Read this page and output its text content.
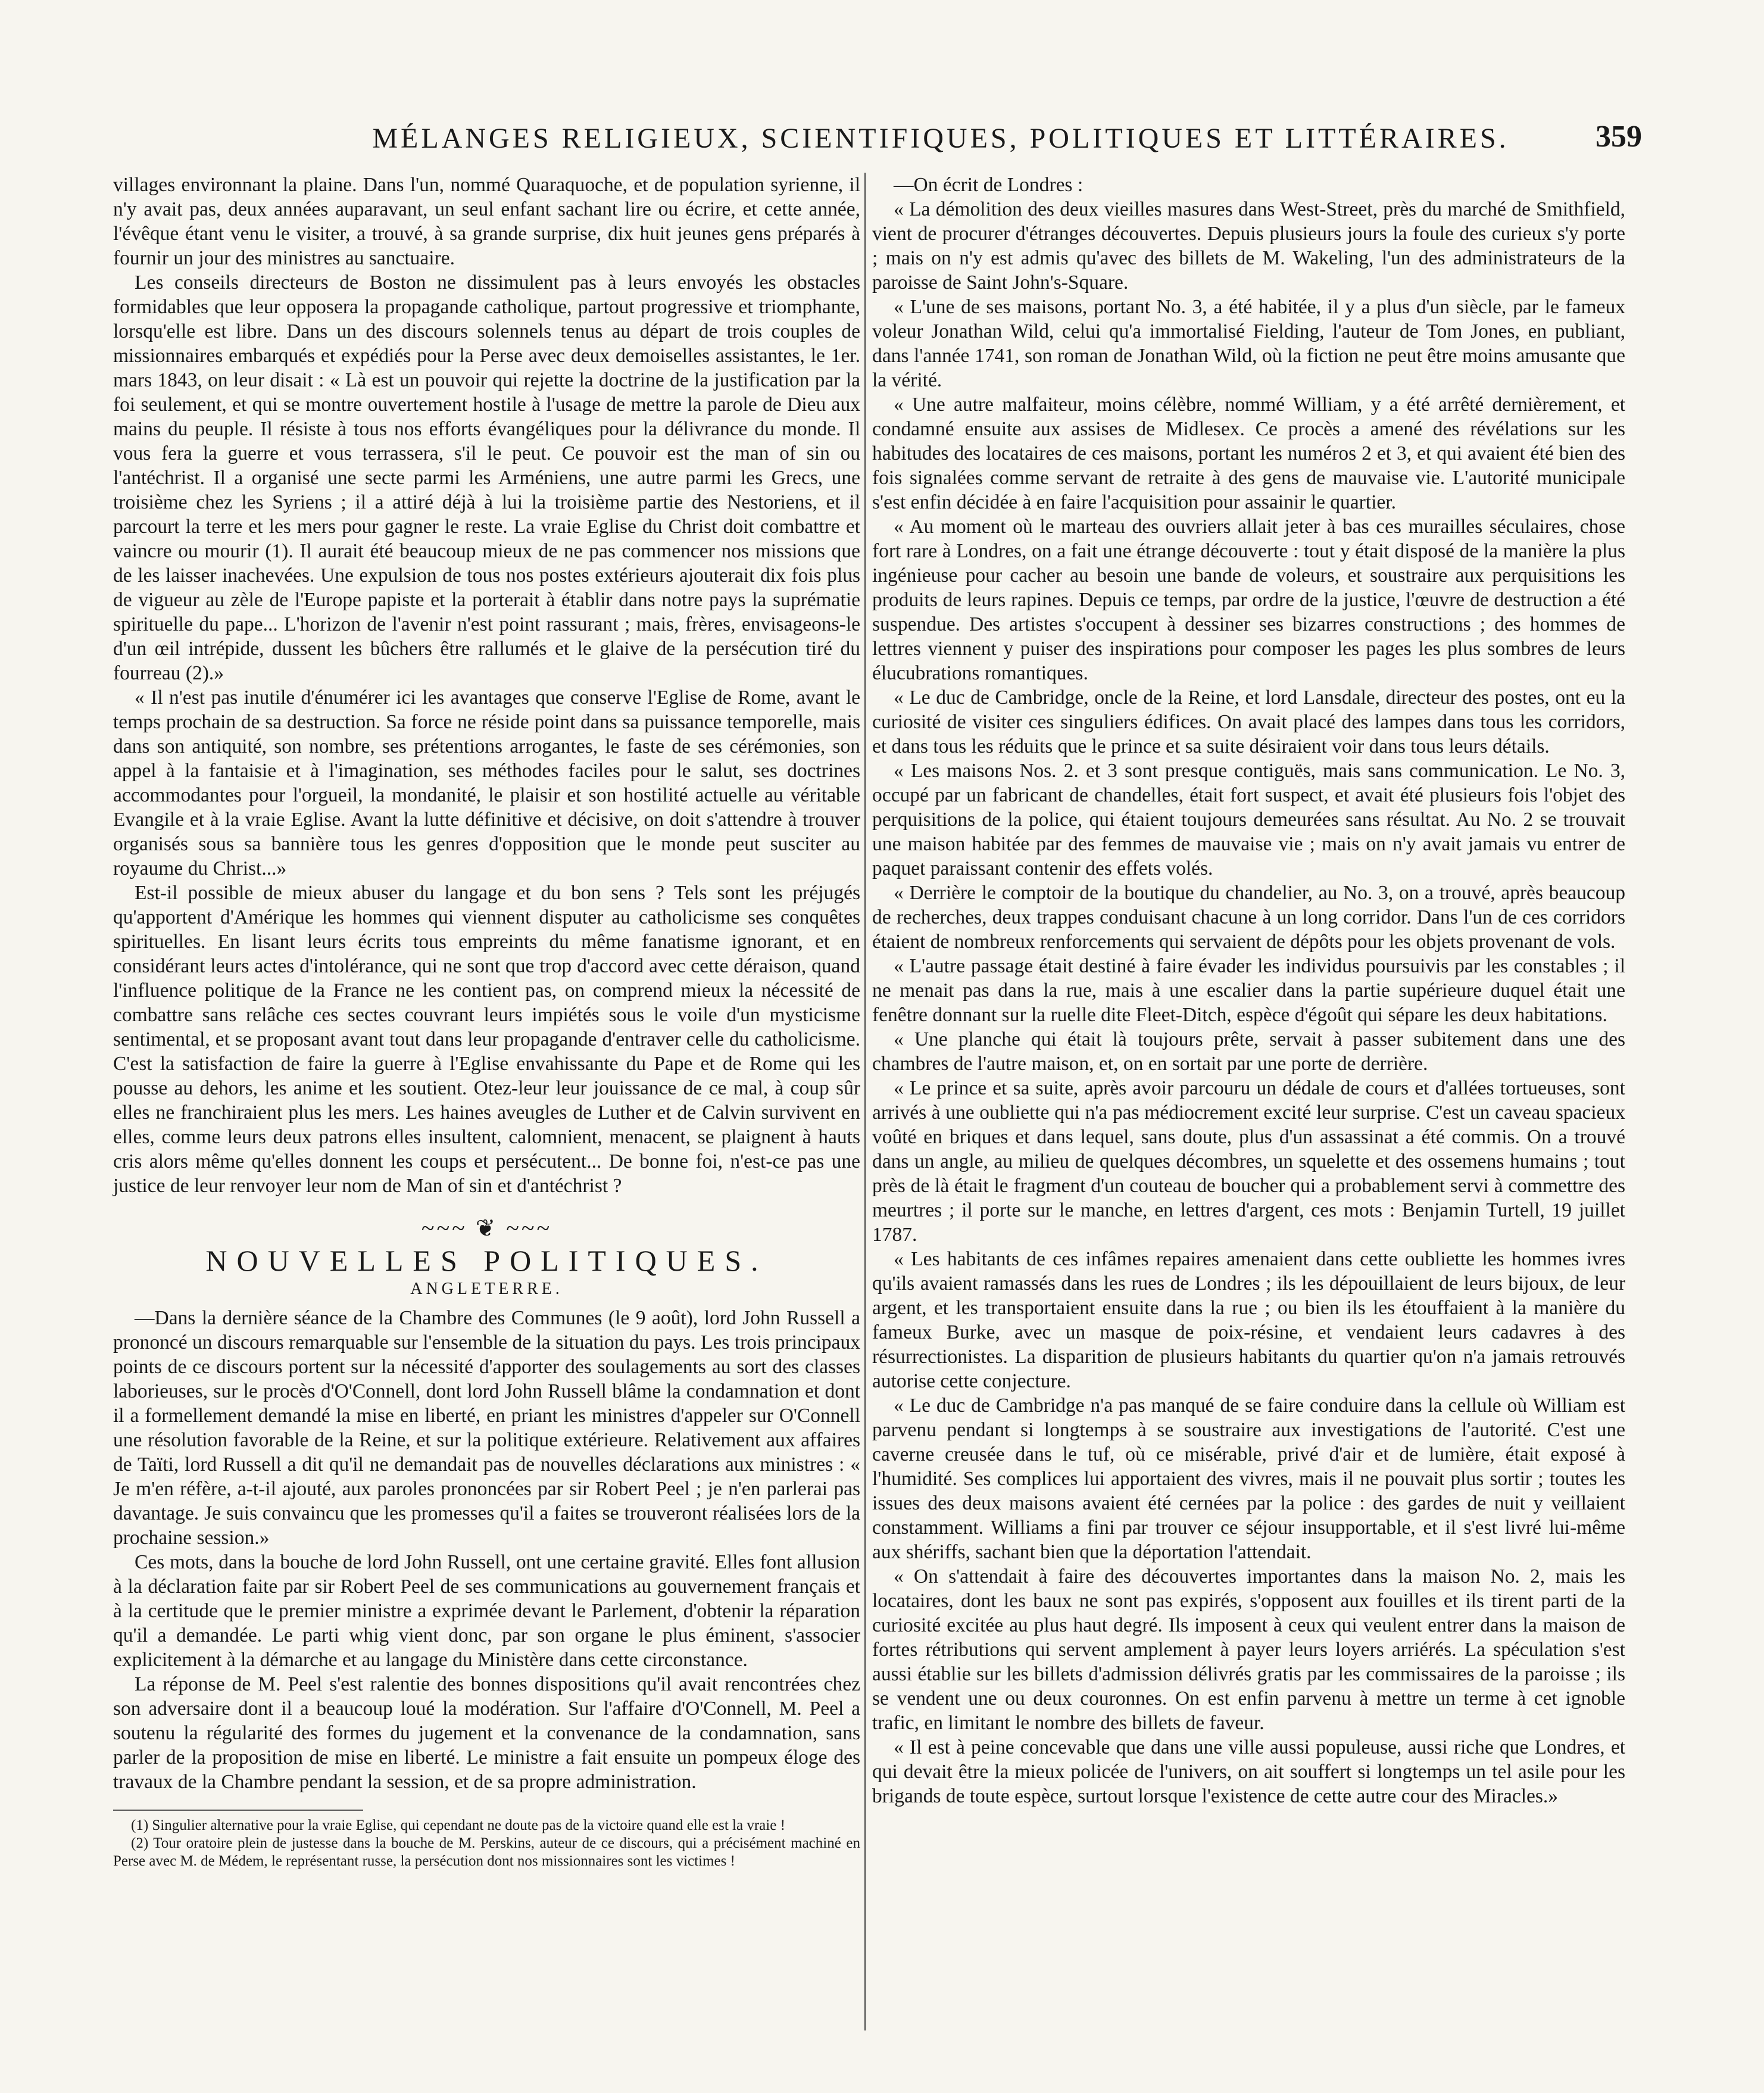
MÉLANGES RELIGIEUX, SCIENTIFIQUES, POLITIQUES ET LITTÉRAIRES.	359

villages environnant la plaine. Dans l'un, nommé Quaraquoche, et de population syrienne, il n'y avait pas, deux années auparavant, un seul enfant sachant lire ou écrire, et cette année, l'évêque étant venu le visiter, a trouvé, à sa grande surprise, dix huit jeunes gens préparés à fournir un jour des ministres au sanctuaire.

Les conseils directeurs de Boston ne dissimulent pas à leurs envoyés les obstacles formidables que leur opposera la propagande catholique, partout progressive et triomphante, lorsqu'elle est libre. Dans un des discours solennels tenus au départ de trois couples de missionnaires embarqués et expédiés pour la Perse avec deux demoiselles assistantes, le 1er. mars 1843, on leur disait : « Là est un pouvoir qui rejette la doctrine de la justification par la foi seulement, et qui se montre ouvertement hostile à l'usage de mettre la parole de Dieu aux mains du peuple. Il résiste à tous nos efforts évangéliques pour la délivrance du monde. Il vous fera la guerre et vous terrassera, s'il le peut. Ce pouvoir est the man of sin ou l'antéchrist. Il a organisé une secte parmi les Arméniens, une autre parmi les Grecs, une troisième chez les Syriens ; il a attiré déjà à lui la troisième partie des Nestoriens, et il parcourt la terre et les mers pour gagner le reste. La vraie Eglise du Christ doit combattre et vaincre ou mourir (1). Il aurait été beaucoup mieux de ne pas commencer nos missions que de les laisser inachevées. Une expulsion de tous nos postes extérieurs ajouterait dix fois plus de vigueur au zèle de l'Europe papiste et la porterait à établir dans notre pays la suprématie spirituelle du pape... L'horizon de l'avenir n'est point rassurant ; mais, frères, envisageons-le d'un œil intrépide, dussent les bûchers être rallumés et le glaive de la persécution tiré du fourreau (2).»

« Il n'est pas inutile d'énumérer ici les avantages que conserve l'Eglise de Rome, avant le temps prochain de sa destruction. Sa force ne réside point dans sa puissance temporelle, mais dans son antiquité, son nombre, ses prétentions arrogantes, le faste de ses cérémonies, son appel à la fantaisie et à l'imagination, ses méthodes faciles pour le salut, ses doctrines accommodantes pour l'orgueil, la mondanité, le plaisir et son hostilité actuelle au véritable Evangile et à la vraie Eglise. Avant la lutte définitive et décisive, on doit s'attendre à trouver organisés sous sa bannière tous les genres d'opposition que le monde peut susciter au royaume du Christ...»

Est-il possible de mieux abuser du langage et du bon sens ? Tels sont les préjugés qu'apportent d'Amérique les hommes qui viennent disputer au catholicisme ses conquêtes spirituelles. En lisant leurs écrits tous empreints du même fanatisme ignorant, et en considérant leurs actes d'intolérance, qui ne sont que trop d'accord avec cette déraison, quand l'influence politique de la France ne les contient pas, on comprend mieux la nécessité de combattre sans relâche ces sectes couvrant leurs impiétés sous le voile d'un mysticisme sentimental, et se proposant avant tout dans leur propagande d'entraver celle du catholicisme. C'est la satisfaction de faire la guerre à l'Eglise envahissante du Pape et de Rome qui les pousse au dehors, les anime et les soutient. Otez-leur leur jouissance de ce mal, à coup sûr elles ne franchiraient plus les mers. Les haines aveugles de Luther et de Calvin survivent en elles, comme leurs deux patrons elles insultent, calomnient, menacent, se plaignent à hauts cris alors même qu'elles donnent les coups et persécutent... De bonne foi, n'est-ce pas une justice de leur renvoyer leur nom de Man of sin et d'antéchrist ?

~~~ ❦ ~~~
NOUVELLES POLITIQUES.
ANGLETERRE.

—Dans la dernière séance de la Chambre des Communes (le 9 août), lord John Russell a prononcé un discours remarquable sur l'ensemble de la situation du pays. Les trois principaux points de ce discours portent sur la nécessité d'apporter des soulagements au sort des classes laborieuses, sur le procès d'O'Connell, dont lord John Russell blâme la condamnation et dont il a formellement demandé la mise en liberté, en priant les ministres d'appeler sur O'Connell une résolution favorable de la Reine, et sur la politique extérieure. Relativement aux affaires de Taïti, lord Russell a dit qu'il ne demandait pas de nouvelles déclarations aux ministres : « Je m'en réfère, a-t-il ajouté, aux paroles prononcées par sir Robert Peel ; je n'en parlerai pas davantage. Je suis convaincu que les promesses qu'il a faites se trouveront réalisées lors de la prochaine session.»

Ces mots, dans la bouche de lord John Russell, ont une certaine gravité. Elles font allusion à la déclaration faite par sir Robert Peel de ses communications au gouvernement français et à la certitude que le premier ministre a exprimée devant le Parlement, d'obtenir la réparation qu'il a demandée. Le parti whig vient donc, par son organe le plus éminent, s'associer explicitement à la démarche et au langage du Ministère dans cette circonstance.

La réponse de M. Peel s'est ralentie des bonnes dispositions qu'il avait rencontrées chez son adversaire dont il a beaucoup loué la modération. Sur l'affaire d'O'Connell, M. Peel a soutenu la régularité des formes du jugement et la convenance de la condamnation, sans parler de la proposition de mise en liberté. Le ministre a fait ensuite un pompeux éloge des travaux de la Chambre pendant la session, et de sa propre administration.

(1) Singulier alternative pour la vraie Eglise, qui cependant ne doute pas de la victoire quand elle est la vraie !

(2) Tour oratoire plein de justesse dans la bouche de M. Perskins, auteur de ce discours, qui a précisément machiné en Perse avec M. de Médem, le représentant russe, la persécution dont nos missionnaires sont les victimes !

—On écrit de Londres :

« La démolition des deux vieilles masures dans West-Street, près du marché de Smithfield, vient de procurer d'étranges découvertes. Depuis plusieurs jours la foule des curieux s'y porte ; mais on n'y est admis qu'avec des billets de M. Wakeling, l'un des administrateurs de la paroisse de Saint John's-Square.

« L'une de ses maisons, portant No. 3, a été habitée, il y a plus d'un siècle, par le fameux voleur Jonathan Wild, celui qu'a immortalisé Fielding, l'auteur de Tom Jones, en publiant, dans l'année 1741, son roman de Jonathan Wild, où la fiction ne peut être moins amusante que la vérité.

« Une autre malfaiteur, moins célèbre, nommé William, y a été arrêté dernièrement, et condamné ensuite aux assises de Midlesex. Ce procès a amené des révélations sur les habitudes des locataires de ces maisons, portant les numéros 2 et 3, et qui avaient été bien des fois signalées comme servant de retraite à des gens de mauvaise vie. L'autorité municipale s'est enfin décidée à en faire l'acquisition pour assainir le quartier.

« Au moment où le marteau des ouvriers allait jeter à bas ces murailles séculaires, chose fort rare à Londres, on a fait une étrange découverte : tout y était disposé de la manière la plus ingénieuse pour cacher au besoin une bande de voleurs, et soustraire aux perquisitions les produits de leurs rapines. Depuis ce temps, par ordre de la justice, l'œuvre de destruction a été suspendue. Des artistes s'occupent à dessiner ses bizarres constructions ; des hommes de lettres viennent y puiser des inspirations pour composer les pages les plus sombres de leurs élucubrations romantiques.

« Le duc de Cambridge, oncle de la Reine, et lord Lansdale, directeur des postes, ont eu la curiosité de visiter ces singuliers édifices. On avait placé des lampes dans tous les corridors, et dans tous les réduits que le prince et sa suite désiraient voir dans tous leurs détails.

« Les maisons Nos. 2. et 3 sont presque contiguës, mais sans communication. Le No. 3, occupé par un fabricant de chandelles, était fort suspect, et avait été plusieurs fois l'objet des perquisitions de la police, qui étaient toujours demeurées sans résultat. Au No. 2 se trouvait une maison habitée par des femmes de mauvaise vie ; mais on n'y avait jamais vu entrer de paquet paraissant contenir des effets volés.

« Derrière le comptoir de la boutique du chandelier, au No. 3, on a trouvé, après beaucoup de recherches, deux trappes conduisant chacune à un long corridor. Dans l'un de ces corridors étaient de nombreux renforcements qui servaient de dépôts pour les objets provenant de vols.

« L'autre passage était destiné à faire évader les individus poursuivis par les constables ; il ne menait pas dans la rue, mais à une escalier dans la partie supérieure duquel était une fenêtre donnant sur la ruelle dite Fleet-Ditch, espèce d'égoût qui sépare les deux habitations.

« Une planche qui était là toujours prête, servait à passer subitement dans une des chambres de l'autre maison, et, on en sortait par une porte de derrière.

« Le prince et sa suite, après avoir parcouru un dédale de cours et d'allées tortueuses, sont arrivés à une oubliette qui n'a pas médiocrement excité leur surprise. C'est un caveau spacieux voûté en briques et dans lequel, sans doute, plus d'un assassinat a été commis. On a trouvé dans un angle, au milieu de quelques décombres, un squelette et des ossemens humains ; tout près de là était le fragment d'un couteau de boucher qui a probablement servi à commettre des meurtres ; il porte sur le manche, en lettres d'argent, ces mots : Benjamin Turtell, 19 juillet 1787.

« Les habitants de ces infâmes repaires amenaient dans cette oubliette les hommes ivres qu'ils avaient ramassés dans les rues de Londres ; ils les dépouillaient de leurs bijoux, de leur argent, et les transportaient ensuite dans la rue ; ou bien ils les étouffaient à la manière du fameux Burke, avec un masque de poix-résine, et vendaient leurs cadavres à des résurrectionistes. La disparition de plusieurs habitants du quartier qu'on n'a jamais retrouvés autorise cette conjecture.

« Le duc de Cambridge n'a pas manqué de se faire conduire dans la cellule où William est parvenu pendant si longtemps à se soustraire aux investigations de l'autorité. C'est une caverne creusée dans le tuf, où ce misérable, privé d'air et de lumière, était exposé à l'humidité. Ses complices lui apportaient des vivres, mais il ne pouvait plus sortir ; toutes les issues des deux maisons avaient été cernées par la police : des gardes de nuit y veillaient constamment. Williams a fini par trouver ce séjour insupportable, et il s'est livré lui-même aux shériffs, sachant bien que la déportation l'attendait.

« On s'attendait à faire des découvertes importantes dans la maison No. 2, mais les locataires, dont les baux ne sont pas expirés, s'opposent aux fouilles et ils tirent parti de la curiosité excitée au plus haut degré. Ils imposent à ceux qui veulent entrer dans la maison de fortes rétributions qui servent amplement à payer leurs loyers arriérés. La spéculation s'est aussi établie sur les billets d'admission délivrés gratis par les commissaires de la paroisse ; ils se vendent une ou deux couronnes. On est enfin parvenu à mettre un terme à cet ignoble trafic, en limitant le nombre des billets de faveur.

« Il est à peine concevable que dans une ville aussi populeuse, aussi riche que Londres, et qui devait être la mieux policée de l'univers, on ait souffert si longtemps un tel asile pour les brigands de toute espèce, surtout lorsque l'existence de cette autre cour des Miracles.»
